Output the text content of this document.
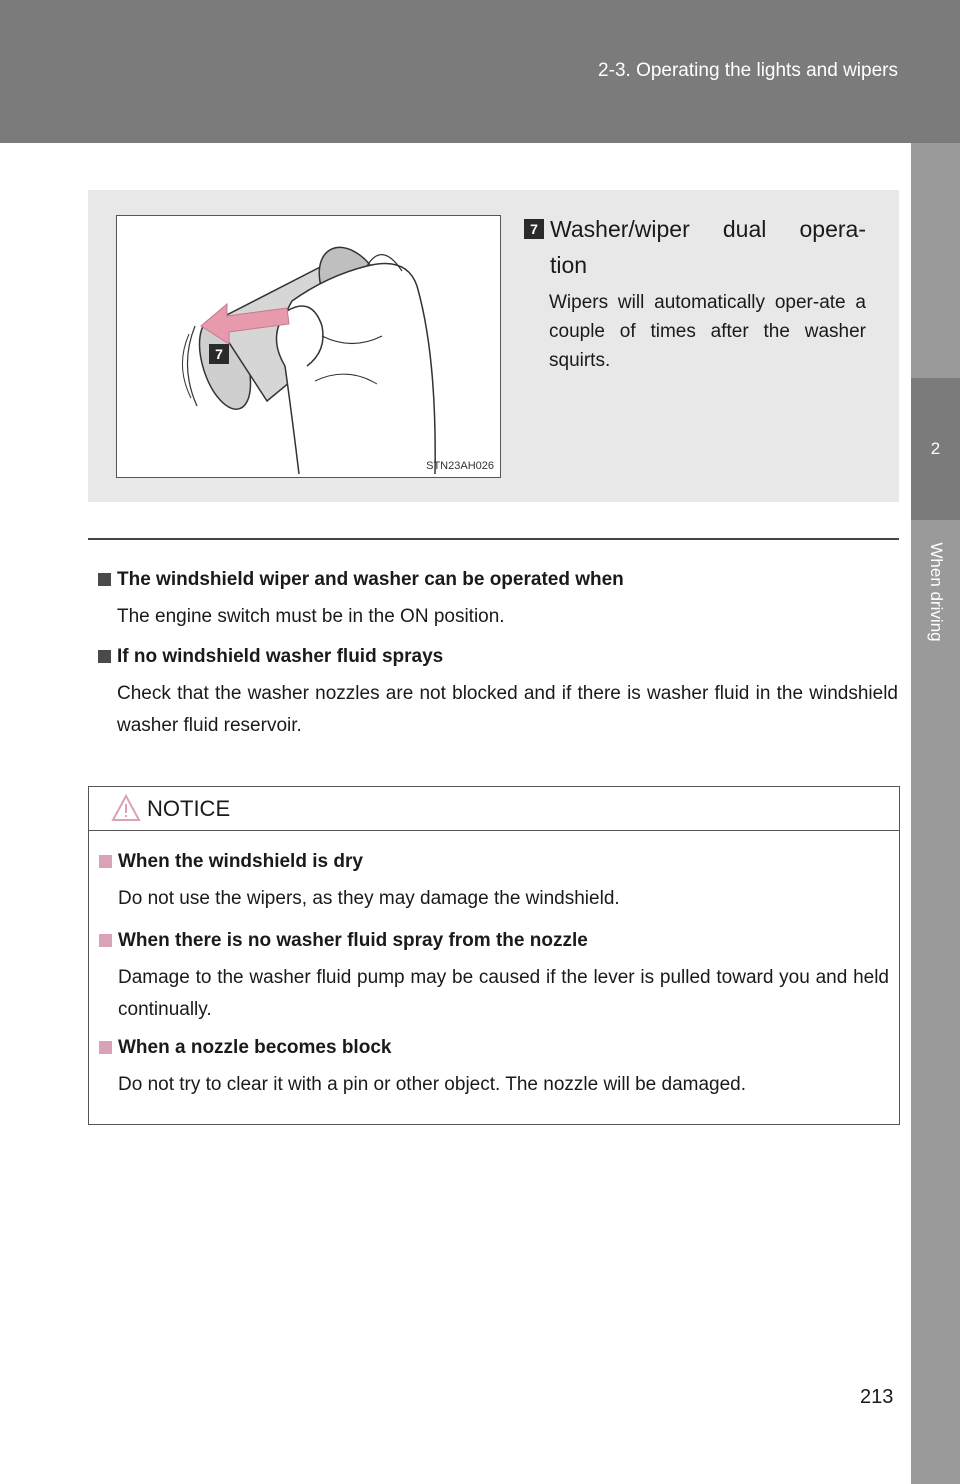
2-3. Operating the lights and wipers
2
When driving
7
STN23AH026
7 Washer/wiper dual opera-
tion
Wipers will automatically oper-ate a couple of times after the washer squirts.
The windshield wiper and washer can be operated when
The engine switch must be in the ON position.
If no windshield washer fluid sprays
Check that the washer nozzles are not blocked and if there is washer fluid in the windshield washer fluid reservoir.
NOTICE
When the windshield is dry
Do not use the wipers, as they may damage the windshield.
When there is no washer fluid spray from the nozzle
Damage to the washer fluid pump may be caused if the lever is pulled toward you and held continually.
When a nozzle becomes block
Do not try to clear it with a pin or other object. The nozzle will be damaged.
213
